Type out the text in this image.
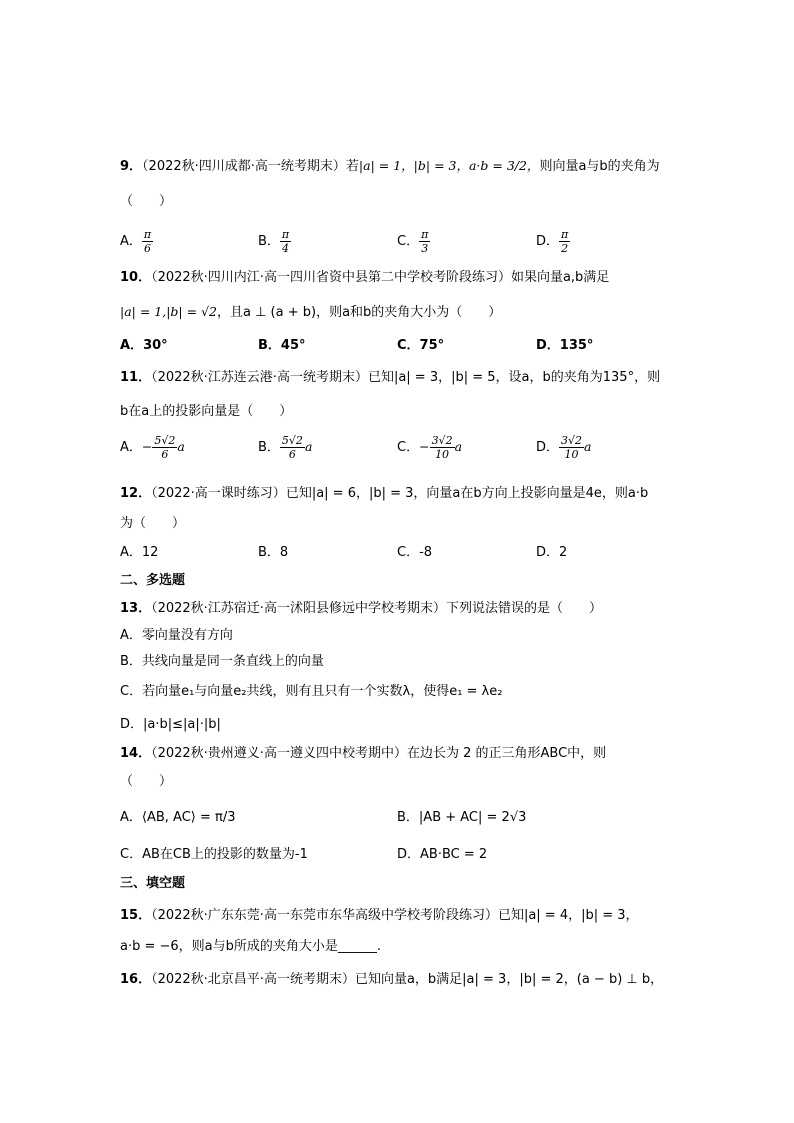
9．（2022秋·四川成都·高一统考期末）若|a| = 1，|b| = 3，a·b = 3/2，则向量a与b的夹角为
（　　）
A． $\frac{\pi}{6}$	B． $\frac{\pi}{4}$	C． $\frac{\pi}{3}$	D． $\frac{\pi}{2}$
10．（2022秋·四川内江·高一四川省资中县第二中学校考阶段练习）如果向量a,b满足
|a| = 1,|b| = √2，且a ⊥ (a + b)，则a和b的夹角大小为（　　）
A．30°	B．45°	C．75°	D．135°
11．（2022秋·江苏连云港·高一统考期末）已知|a| = 3，|b| = 5，设a，b的夹角为135°，则
b在a上的投影向量是（　　）
A．− $\frac{5√2}{6}$ a	B． $\frac{5√2}{6}$ a	C．− $\frac{3√2}{10}$ a	D． $\frac{3√2}{10}$ a
12．（2022·高一课时练习）已知|a| = 6，|b| = 3，向量a在b方向上投影向量是4e，则a·b
为（　　）
A．12	B．8	C．-8	D．2
二、多选题
13．（2022秋·江苏宿迁·高一沭阳县修远中学校考期末）下列说法错误的是（　　）
A．零向量没有方向
B．共线向量是同一条直线上的向量
C．若向量e₁与向量e₂共线，则有且只有一个实数λ，使得e₁ = λe₂
D．|a·b|≤|a|·|b|
14．（2022秋·贵州遵义·高一遵义四中校考期中）在边长为 2 的正三角形ABC中，则
（　　）
A．⟨AB, AC⟩ = π/3	B．|AB + AC| = 2√3
C．AB在CB上的投影的数量为-1	D．AB·BC = 2
三、填空题
15．（2022秋·广东东莞·高一东莞市东华高级中学校考阶段练习）已知|a| = 4，|b| = 3，
a·b = −6，则a与b所成的夹角大小是______.
16．（2022秋·北京昌平·高一统考期末）已知向量a，b满足|a| = 3，|b| = 2，(a − b) ⊥ b，
